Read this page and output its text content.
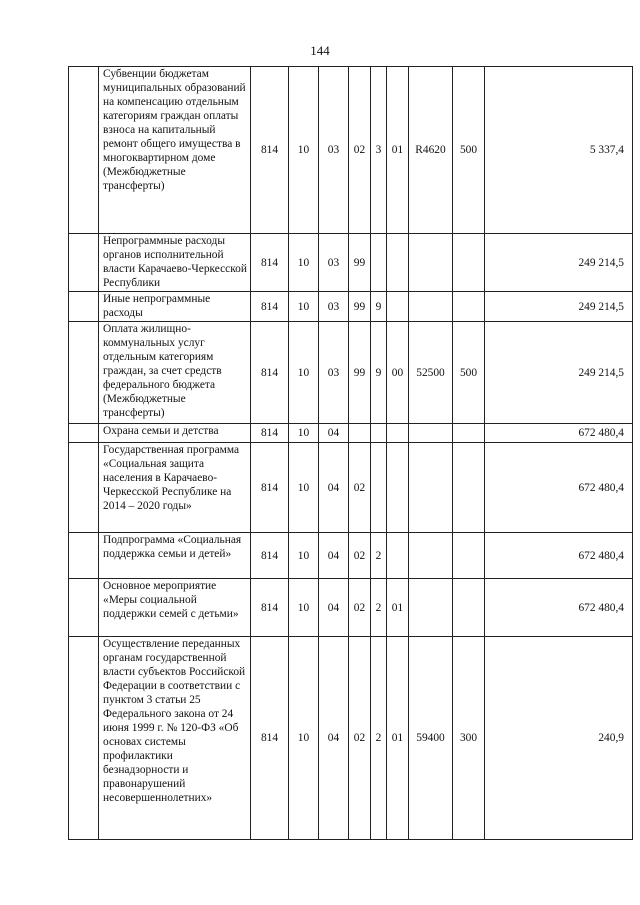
144
	Субвенции бюджетам муниципальных образований на компенсацию отдельным категориям граждан оплаты взноса на капитальный ремонт общего имущества в многоквартирном доме (Межбюджетные трансферты)	814	10	03	02	3	01	R4620	500	5 337,4
	Непрограммные расходы органов исполнительной власти Карачаево-Черкесской Республики	814	10	03	99					249 214,5
	Иные непрограммные расходы	814	10	03	99	9				249 214,5
	Оплата жилищно-коммунальных услуг отдельным категориям граждан, за счет средств федерального бюджета (Межбюджетные трансферты)	814	10	03	99	9	00	52500	500	249 214,5
	Охрана семьи и детства	814	10	04						672 480,4
	Государственная программа «Социальная защита населения в Карачаево-Черкесской Республике на 2014 – 2020 годы»	814	10	04	02					672 480,4
	Подпрограмма «Социальная поддержка семьи и детей»	814	10	04	02	2				672 480,4
	Основное мероприятие «Меры социальной поддержки семей с детьми»	814	10	04	02	2	01			672 480,4
	Осуществление переданных органам государственной власти субъектов Российской Федерации в соответствии с пунктом 3 статьи 25 Федерального закона от 24 июня 1999 г. № 120-ФЗ «Об основах системы профилактики безнадзорности и правонарушений несовершеннолетних»	814	10	04	02	2	01	59400	300	240,9
